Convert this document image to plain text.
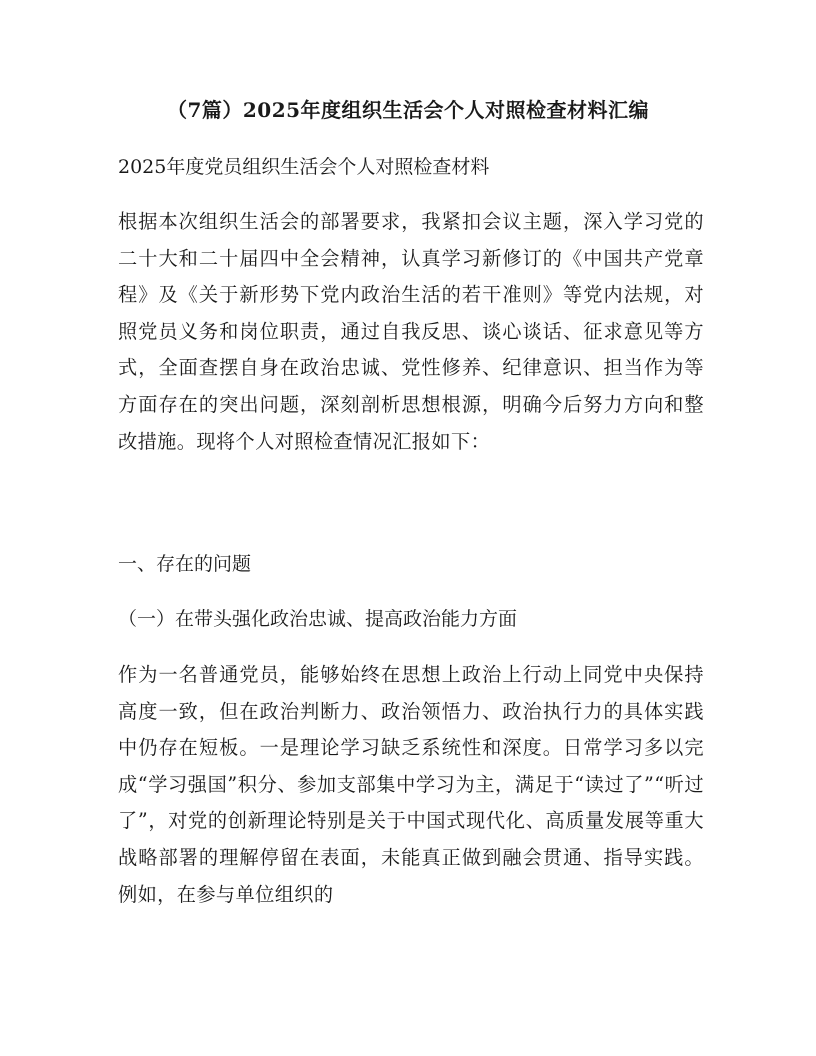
（7篇）2025年度组织生活会个人对照检查材料汇编
2025年度党员组织生活会个人对照检查材料
根据本次组织生活会的部署要求，我紧扣会议主题，深入学习党的二十大和二十届四中全会精神，认真学习新修订的《中国共产党章程》及《关于新形势下党内政治生活的若干准则》等党内法规，对照党员义务和岗位职责，通过自我反思、谈心谈话、征求意见等方式，全面查摆自身在政治忠诚、党性修养、纪律意识、担当作为等方面存在的突出问题，深刻剖析思想根源，明确今后努力方向和整改措施。现将个人对照检查情况汇报如下：
一、存在的问题
（一）在带头强化政治忠诚、提高政治能力方面
作为一名普通党员，能够始终在思想上政治上行动上同党中央保持高度一致，但在政治判断力、政治领悟力、政治执行力的具体实践中仍存在短板。一是理论学习缺乏系统性和深度。日常学习多以完成“学习强国”积分、参加支部集中学习为主，满足于“读过了”“听过了”，对党的创新理论特别是关于中国式现代化、高质量发展等重大战略部署的理解停留在表面，未能真正做到融会贯通、指导实践。例如，在参与单位组织的
